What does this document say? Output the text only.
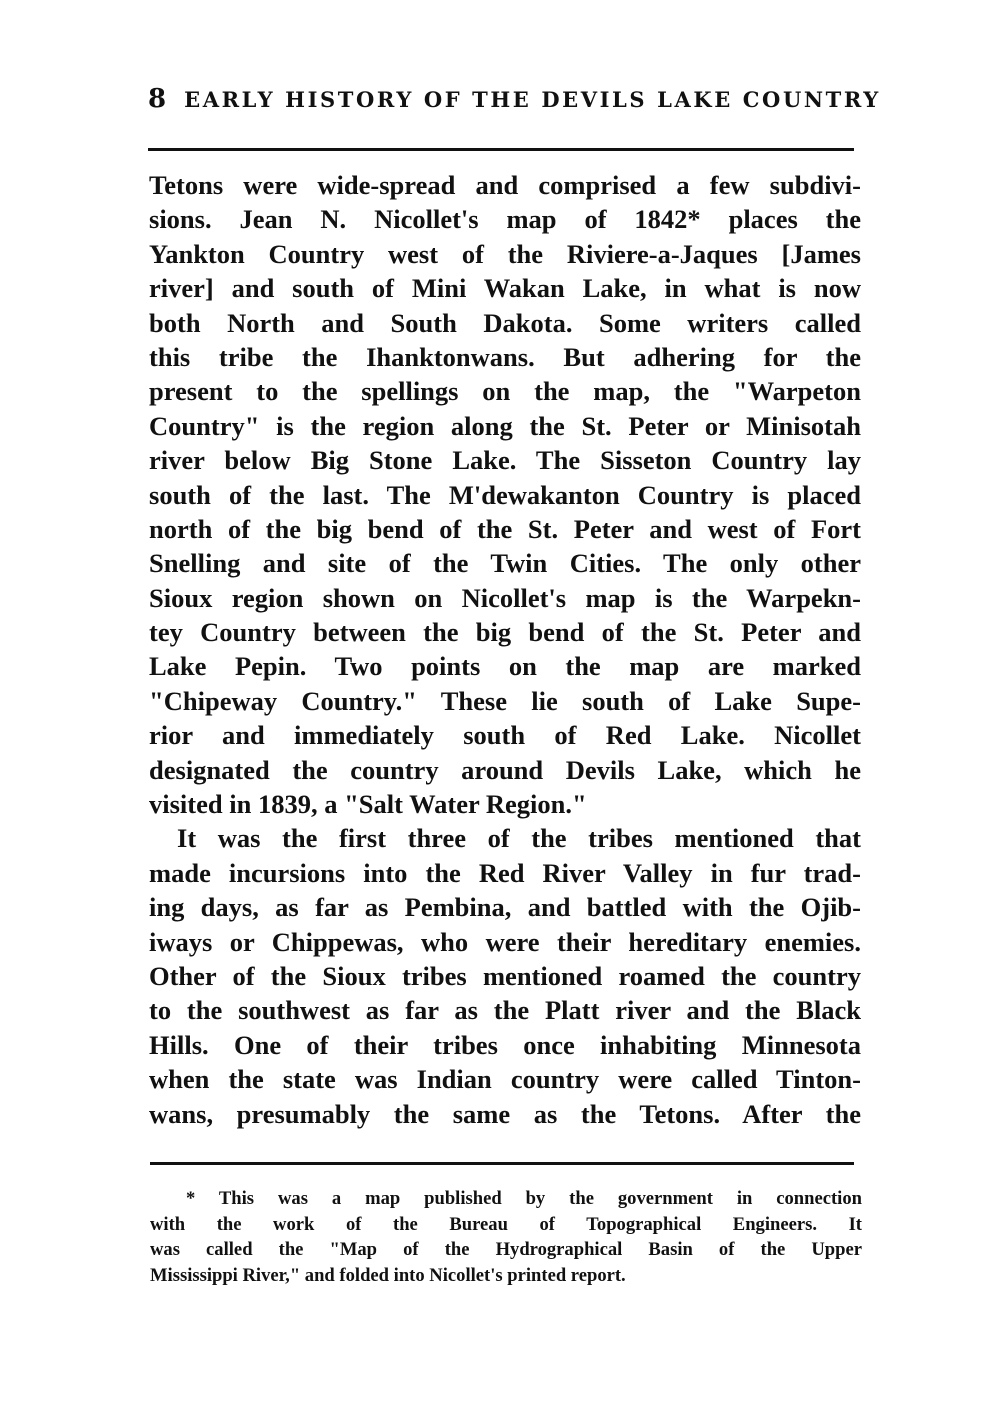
8 EARLY HISTORY OF THE DEVILS LAKE COUNTRY
Tetons were wide-spread and comprised a few subdivi-
sions. Jean N. Nicollet's map of 1842* places the
Yankton Country west of the Riviere-a-Jaques [James
river] and south of Mini Wakan Lake, in what is now
both North and South Dakota. Some writers called
this tribe the Ihanktonwans. But adhering for the
present to the spellings on the map, the "Warpeton
Country" is the region along the St. Peter or Minisotah
river below Big Stone Lake. The Sisseton Country lay
south of the last. The M'dewakanton Country is placed
north of the big bend of the St. Peter and west of Fort
Snelling and site of the Twin Cities. The only other
Sioux region shown on Nicollet's map is the Warpekn-
tey Country between the big bend of the St. Peter and
Lake Pepin. Two points on the map are marked
"Chipeway Country." These lie south of Lake Supe-
rior and immediately south of Red Lake. Nicollet
designated the country around Devils Lake, which he
visited in 1839, a "Salt Water Region."
It was the first three of the tribes mentioned that
made incursions into the Red River Valley in fur trad-
ing days, as far as Pembina, and battled with the Ojib-
iways or Chippewas, who were their hereditary enemies.
Other of the Sioux tribes mentioned roamed the country
to the southwest as far as the Platt river and the Black
Hills. One of their tribes once inhabiting Minnesota
when the state was Indian country were called Tinton-
wans, presumably the same as the Tetons. After the
* This was a map published by the government in connection
with the work of the Bureau of Topographical Engineers. It
was called the "Map of the Hydrographical Basin of the Upper
Mississippi River," and folded into Nicollet's printed report.
